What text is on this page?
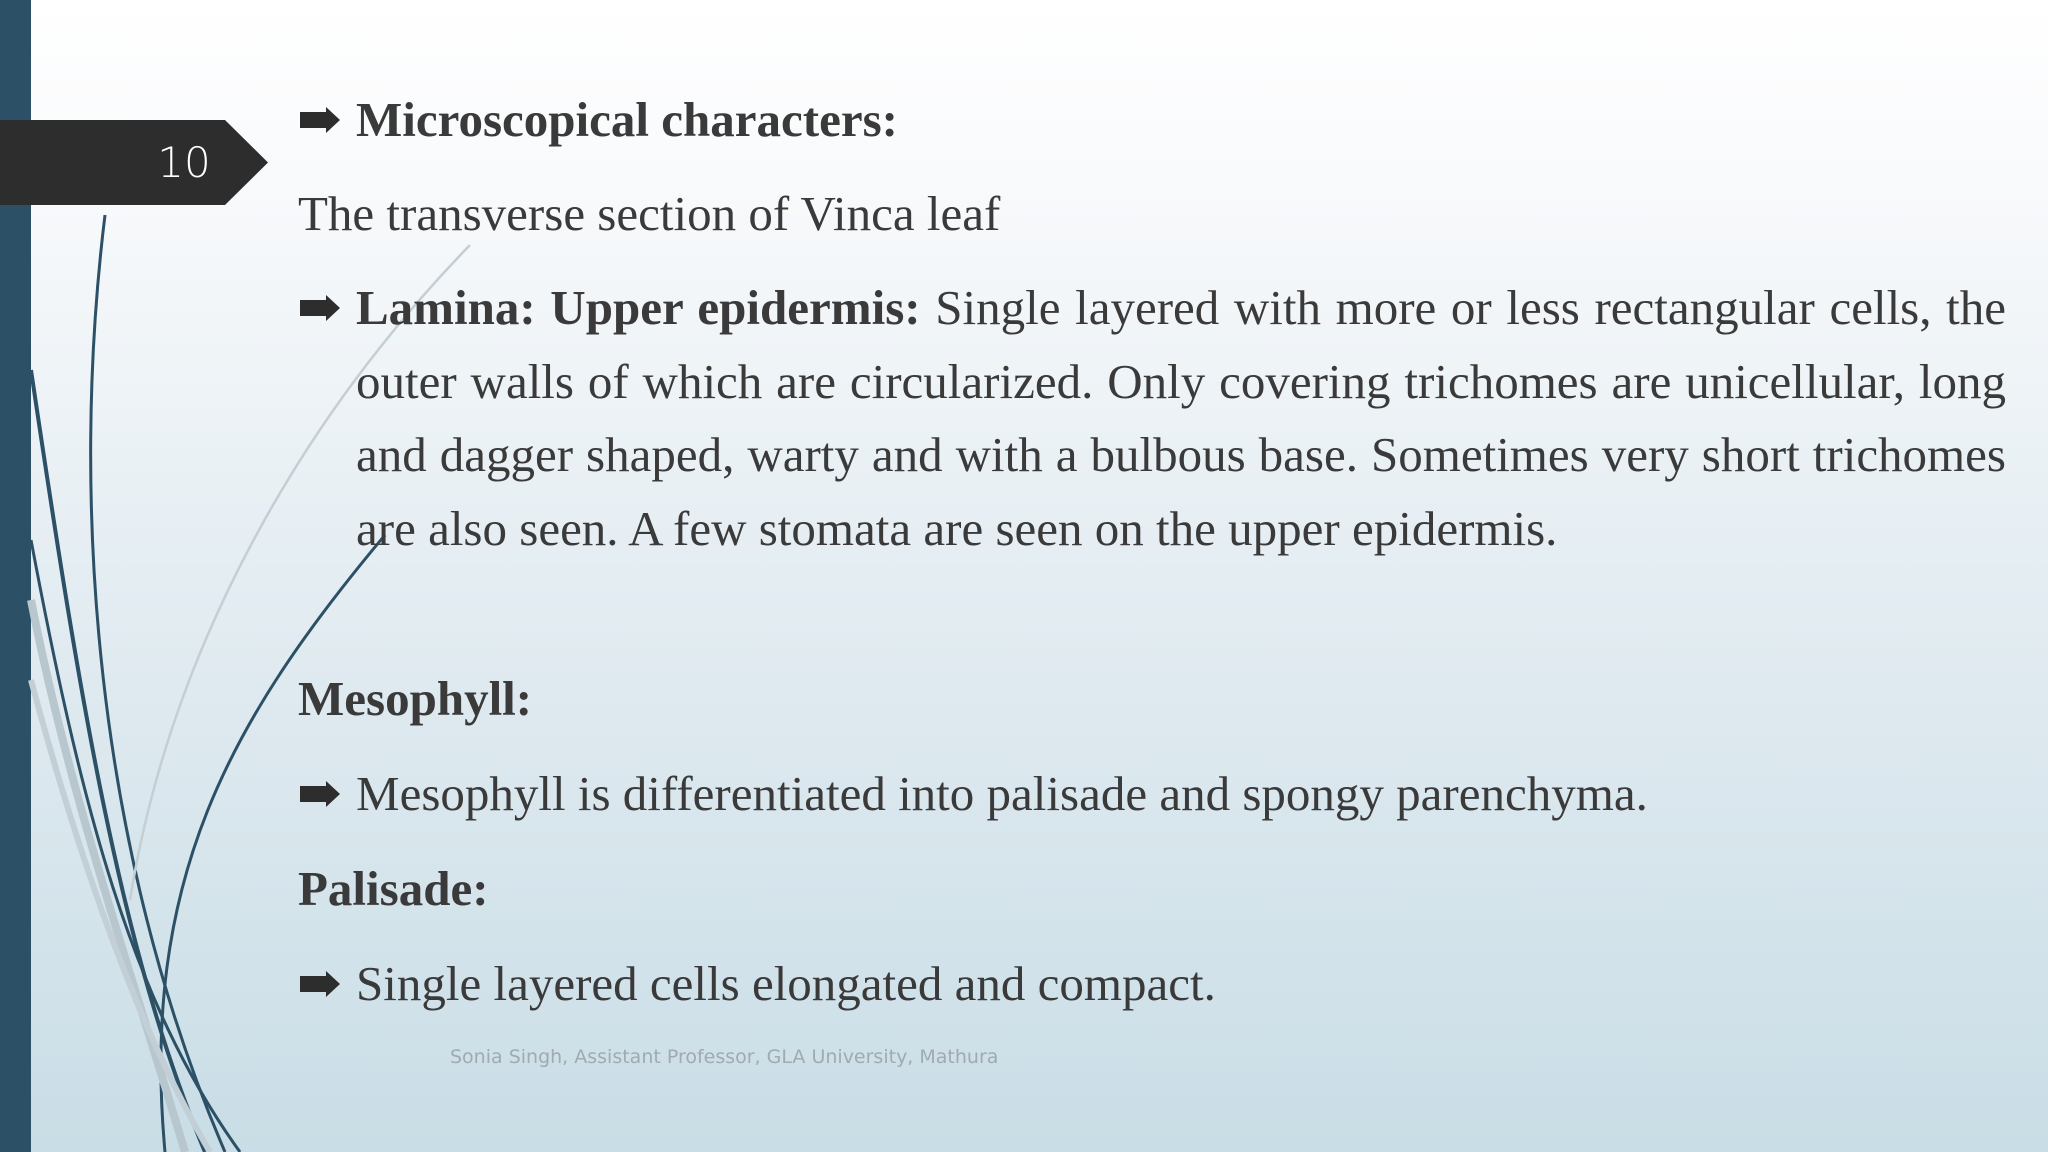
10
Microscopical characters:
The transverse section of Vinca leaf
Lamina: Upper epidermis: Single layered with more or less rectangular cells, the outer walls of which are circularized. Only covering trichomes are unicellular, long and dagger shaped, warty and with a bulbous base. Sometimes very short trichomes are also seen. A few stomata are seen on the upper epidermis.
Mesophyll:
Mesophyll is differentiated into palisade and spongy parenchyma.
Palisade:
Single layered cells elongated and compact.
Sonia Singh, Assistant Professor, GLA University, Mathura
